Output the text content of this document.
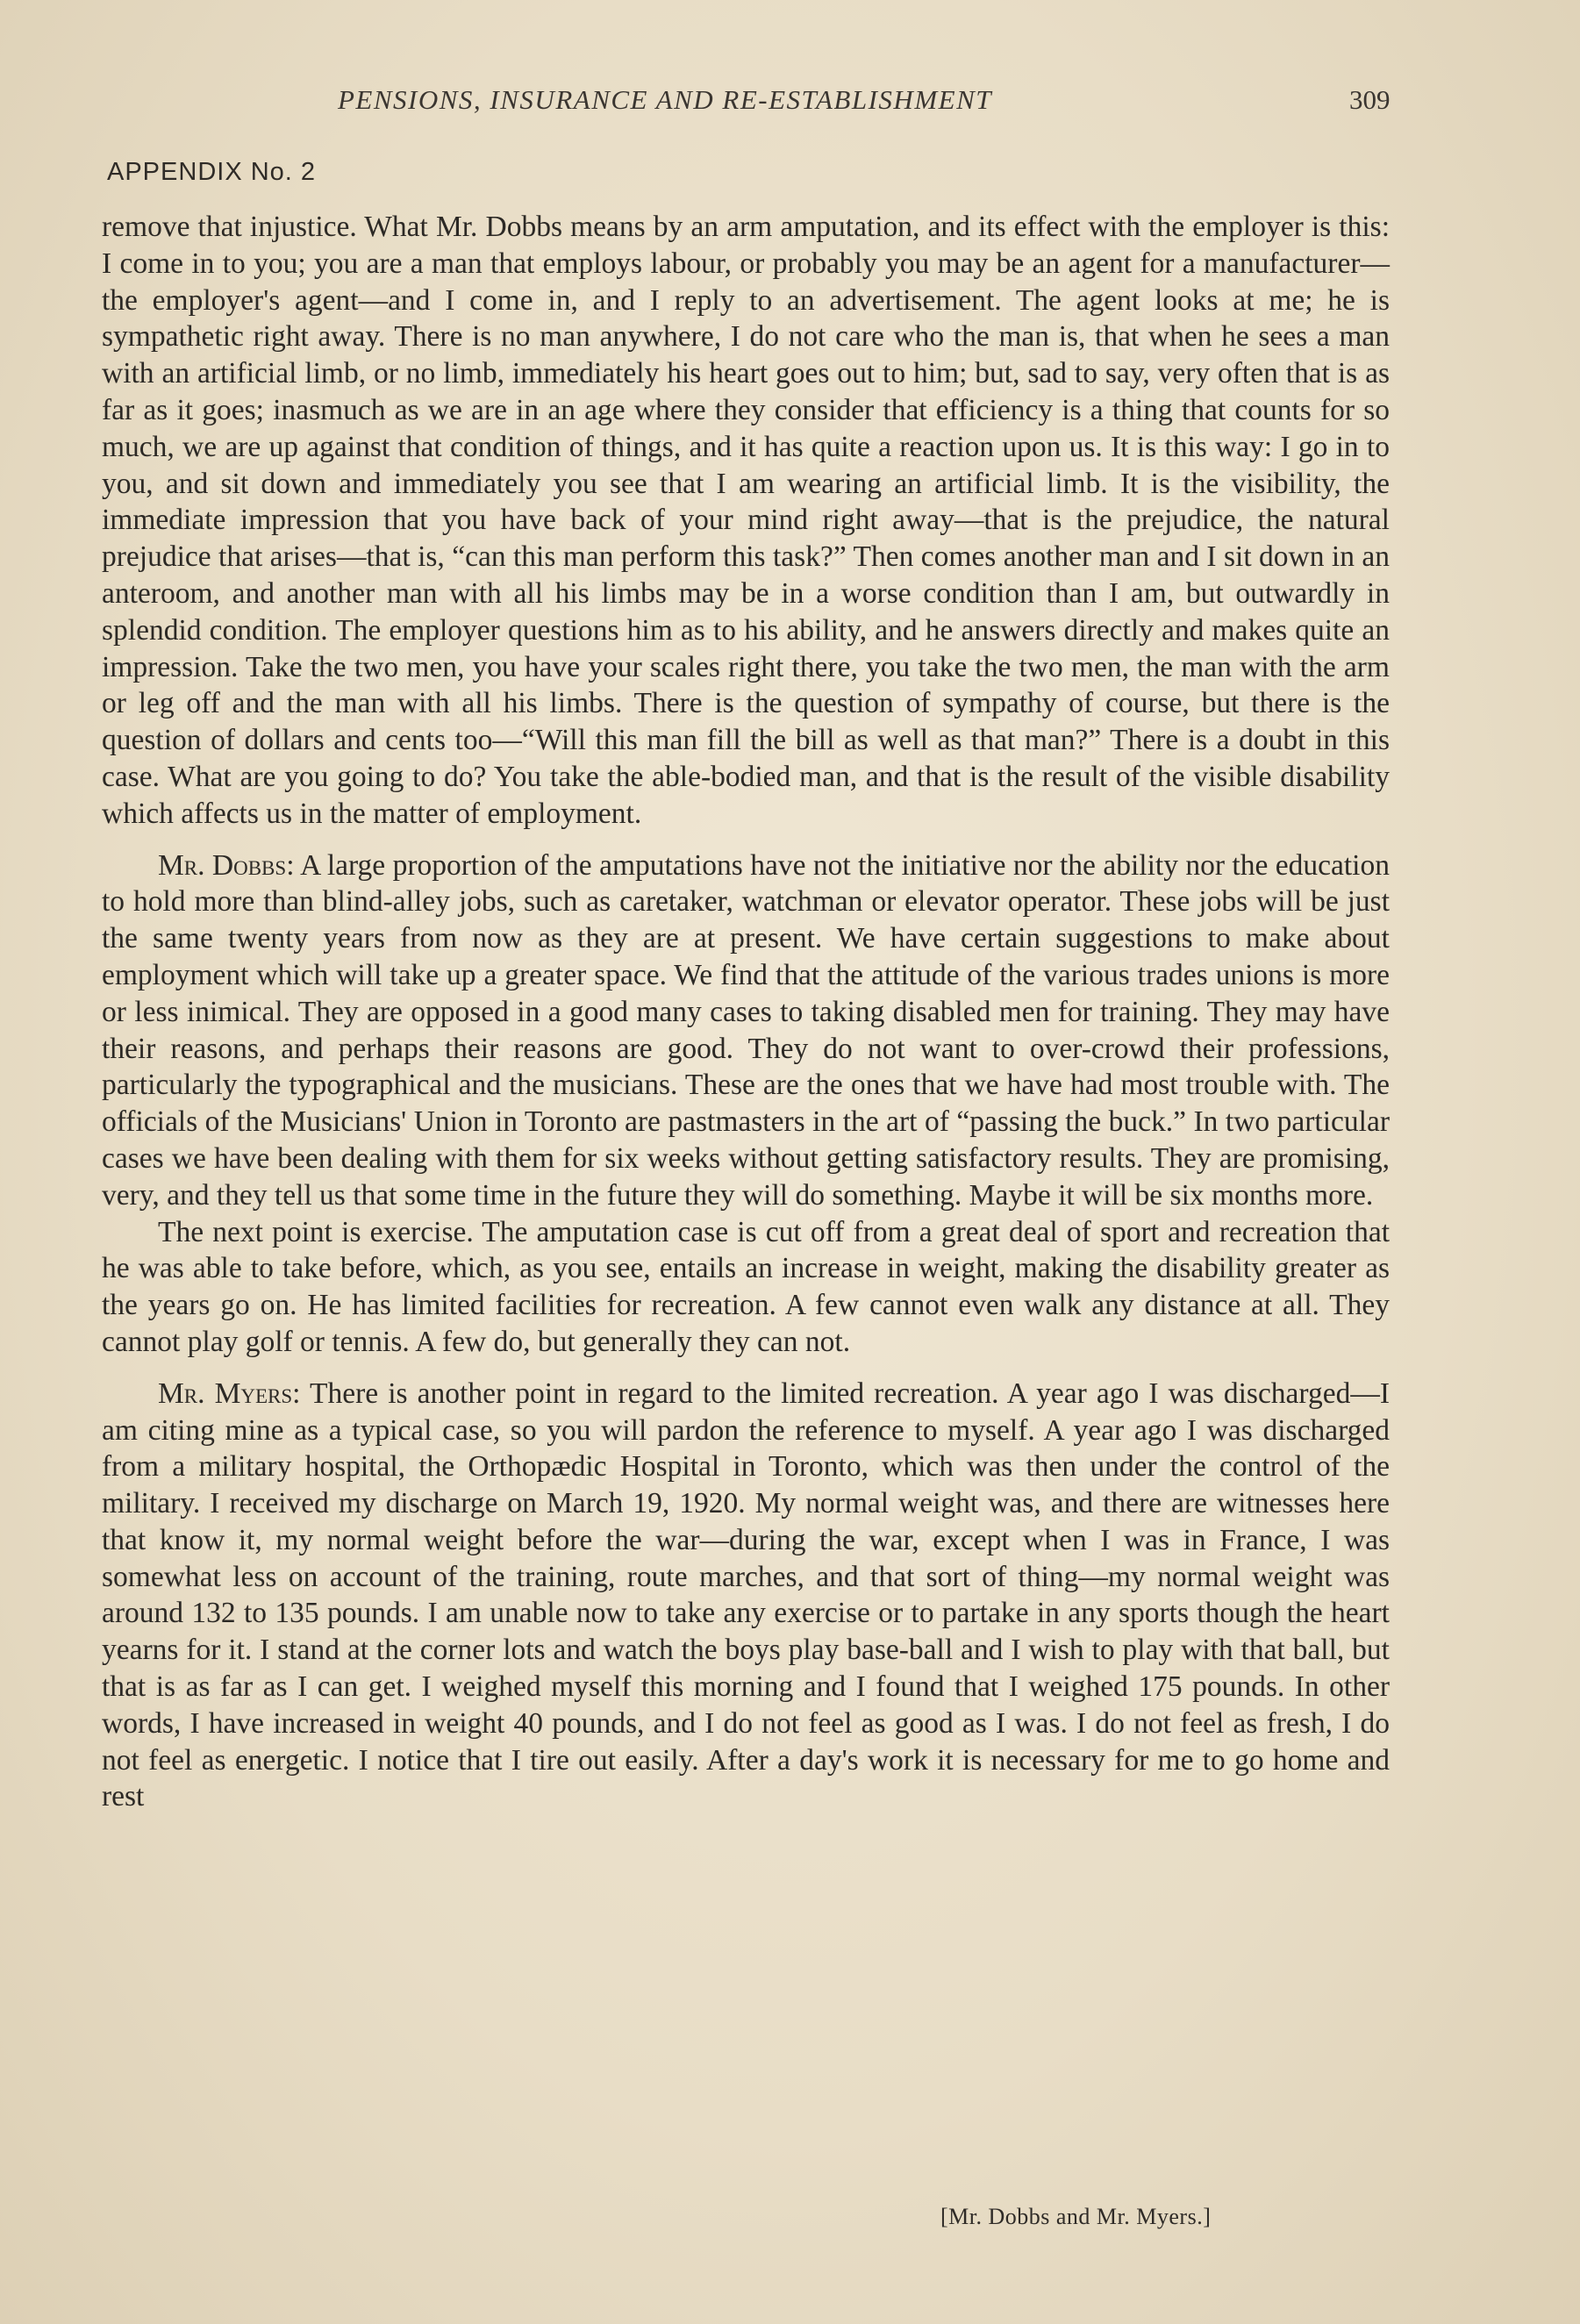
PENSIONS, INSURANCE AND RE-ESTABLISHMENT	309
APPENDIX No. 2

remove that injustice. What Mr. Dobbs means by an arm amputation, and its effect with the employer is this: I come in to you; you are a man that employs labour, or probably you may be an agent for a manufacturer—the employer's agent—and I come in, and I reply to an advertisement. The agent looks at me; he is sympathetic right away. There is no man anywhere, I do not care who the man is, that when he sees a man with an artificial limb, or no limb, immediately his heart goes out to him; but, sad to say, very often that is as far as it goes; inasmuch as we are in an age where they consider that efficiency is a thing that counts for so much, we are up against that condition of things, and it has quite a reaction upon us. It is this way: I go in to you, and sit down and immediately you see that I am wearing an artificial limb. It is the visibility, the immediate impression that you have back of your mind right away—that is the prejudice, the natural prejudice that arises—that is, “can this man perform this task?” Then comes another man and I sit down in an anteroom, and another man with all his limbs may be in a worse condition than I am, but outwardly in splendid condition. The employer questions him as to his ability, and he answers directly and makes quite an impression. Take the two men, you have your scales right there, you take the two men, the man with the arm or leg off and the man with all his limbs. There is the question of sympathy of course, but there is the question of dollars and cents too—“Will this man fill the bill as well as that man?” There is a doubt in this case. What are you going to do? You take the able-bodied man, and that is the result of the visible disability which affects us in the matter of employment.

Mr. Dobbs: A large proportion of the amputations have not the initiative nor the ability nor the education to hold more than blind-alley jobs, such as caretaker, watchman or elevator operator. These jobs will be just the same twenty years from now as they are at present. We have certain suggestions to make about employment which will take up a greater space. We find that the attitude of the various trades unions is more or less inimical. They are opposed in a good many cases to taking disabled men for training. They may have their reasons, and perhaps their reasons are good. They do not want to over-crowd their professions, particularly the typographical and the musicians. These are the ones that we have had most trouble with. The officials of the Musicians' Union in Toronto are pastmasters in the art of “passing the buck.” In two particular cases we have been dealing with them for six weeks without getting satisfactory results. They are promising, very, and they tell us that some time in the future they will do something. Maybe it will be six months more.

The next point is exercise. The amputation case is cut off from a great deal of sport and recreation that he was able to take before, which, as you see, entails an increase in weight, making the disability greater as the years go on. He has limited facilities for recreation. A few cannot even walk any distance at all. They cannot play golf or tennis. A few do, but generally they can not.

Mr. Myers: There is another point in regard to the limited recreation. A year ago I was discharged—I am citing mine as a typical case, so you will pardon the reference to myself. A year ago I was discharged from a military hospital, the Orthopædic Hospital in Toronto, which was then under the control of the military. I received my discharge on March 19, 1920. My normal weight was, and there are witnesses here that know it, my normal weight before the war—during the war, except when I was in France, I was somewhat less on account of the training, route marches, and that sort of thing—my normal weight was around 132 to 135 pounds. I am unable now to take any exercise or to partake in any sports though the heart yearns for it. I stand at the corner lots and watch the boys play base-ball and I wish to play with that ball, but that is as far as I can get. I weighed myself this morning and I found that I weighed 175 pounds. In other words, I have increased in weight 40 pounds, and I do not feel as good as I was. I do not feel as fresh, I do not feel as energetic. I notice that I tire out easily. After a day's work it is necessary for me to go home and rest

[Mr. Dobbs and Mr. Myers.]
